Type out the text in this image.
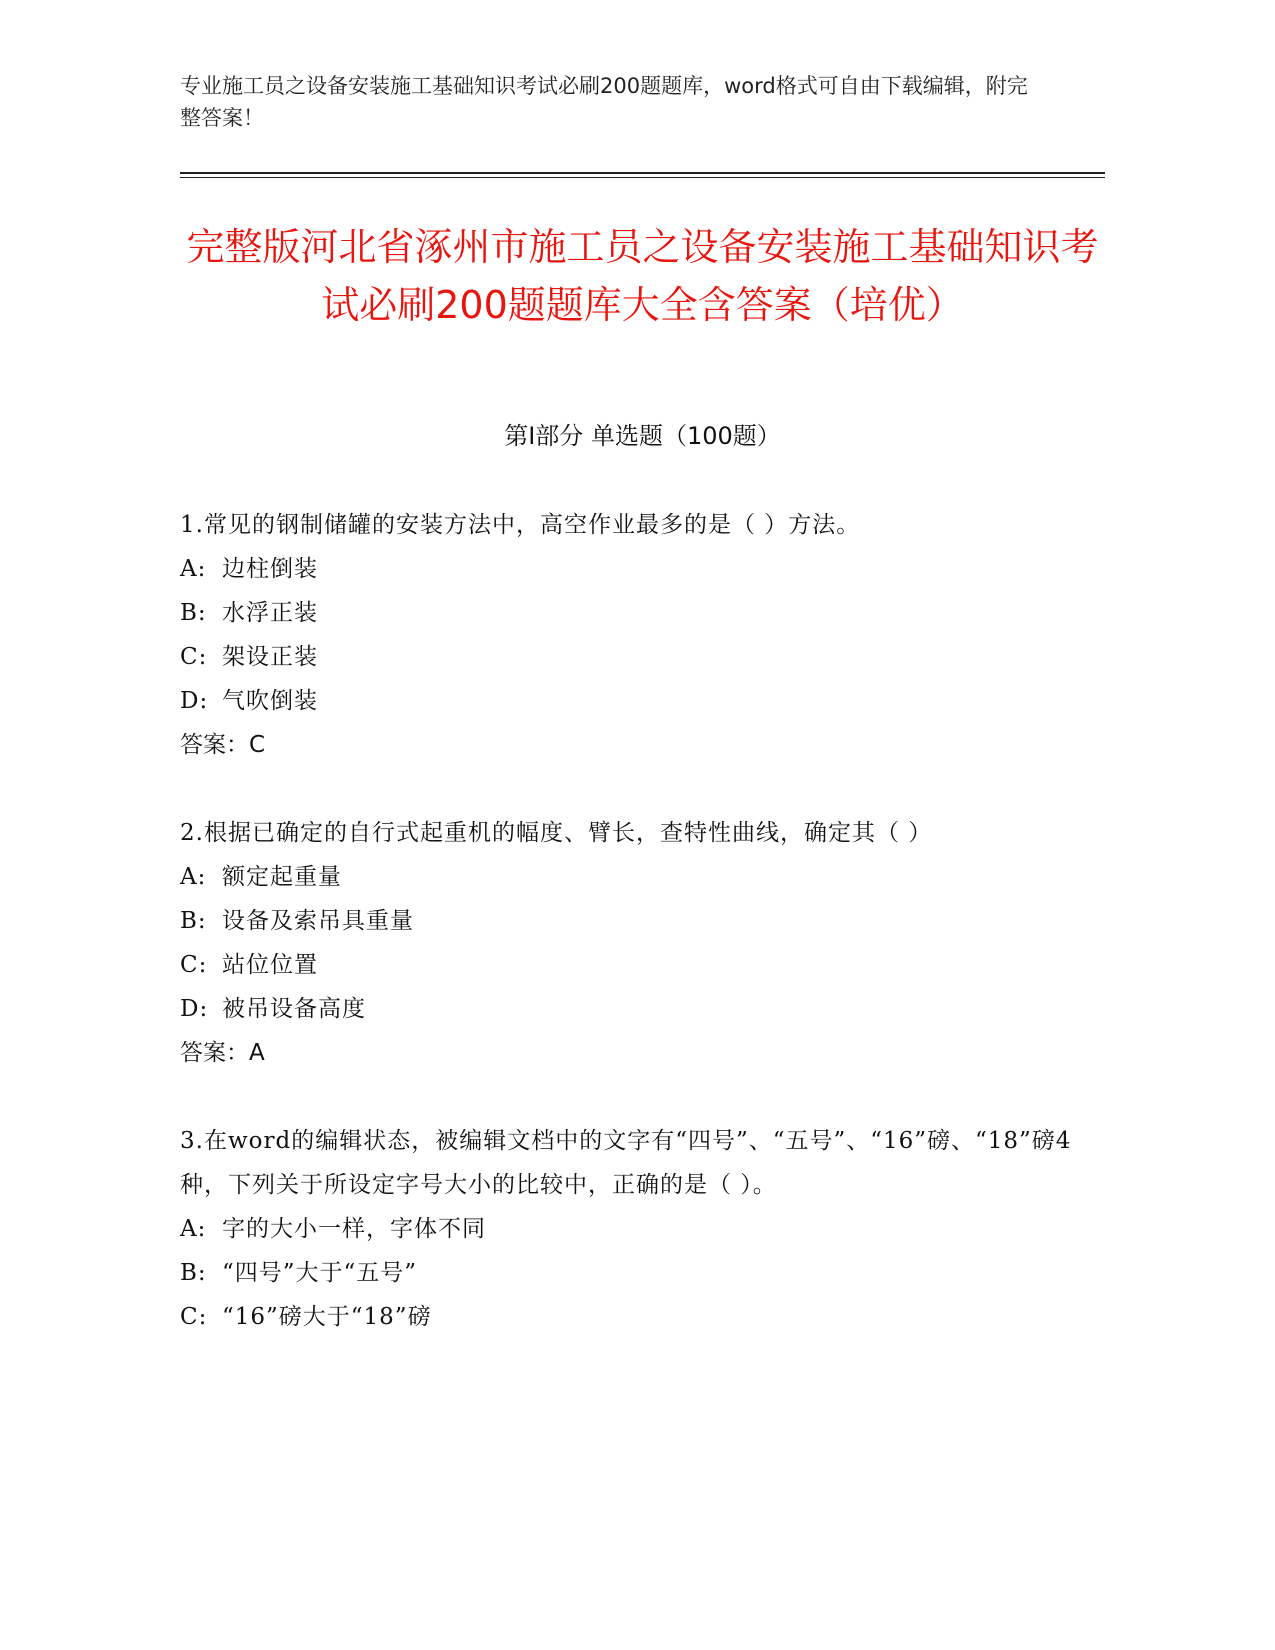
专业施工员之设备安装施工基础知识考试必刷200题题库，word格式可自由下载编辑，附完整答案！
完整版河北省涿州市施工员之设备安装施工基础知识考试必刷200题题库大全含答案（培优）
第Ⅰ部分 单选题（100题）
1.常见的钢制储罐的安装方法中，高空作业最多的是（ ）方法。
A: 边柱倒装
B: 水浮正装
C: 架设正装
D: 气吹倒装
答案：C
2.根据已确定的自行式起重机的幅度、臂长，查特性曲线，确定其（ ）
A: 额定起重量
B: 设备及索吊具重量
C: 站位位置
D: 被吊设备高度
答案：A
3.在word的编辑状态，被编辑文档中的文字有“四号”、“五号”、“16”磅、“18”磅4种，下列关于所设定字号大小的比较中，正确的是（ ）。
A: 字的大小一样，字体不同
B: “四号”大于“五号”
C: “16”磅大于“18”磅
